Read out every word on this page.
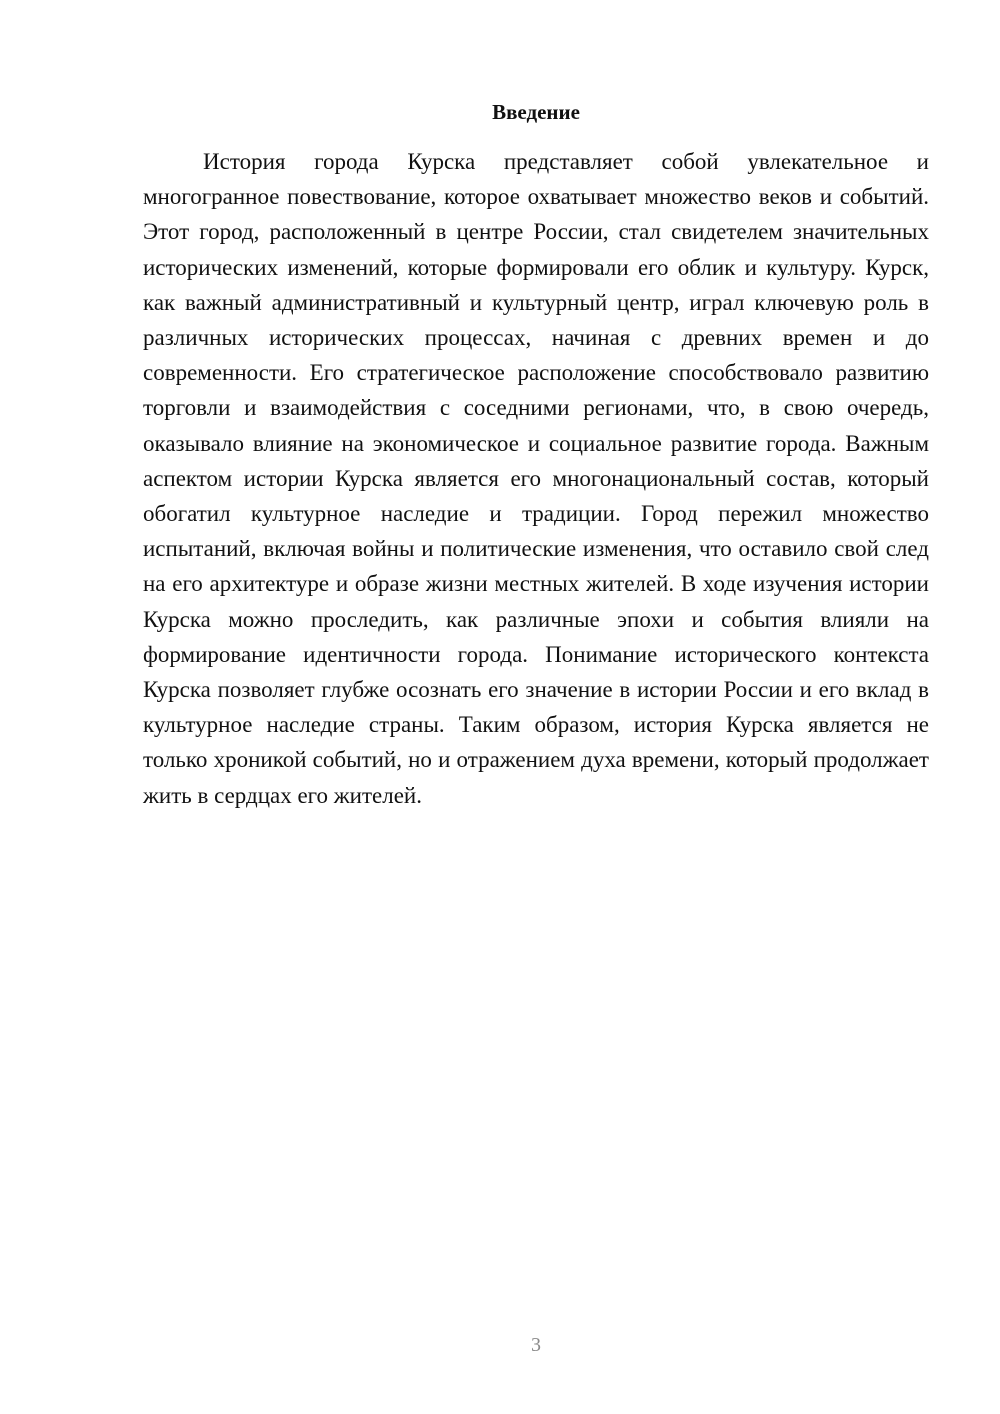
Введение

История города Курска представляет собой увлекательное и многогранное повествование, которое охватывает множество веков и событий. Этот город, расположенный в центре России, стал свидетелем значительных исторических изменений, которые формировали его облик и культуру. Курск, как важный административный и культурный центр, играл ключевую роль в различных исторических процессах, начиная с древних времен и до современности. Его стратегическое расположение способствовало развитию торговли и взаимодействия с соседними регионами, что, в свою очередь, оказывало влияние на экономическое и социальное развитие города. Важным аспектом истории Курска является его многонациональный состав, который обогатил культурное наследие и традиции. Город пережил множество испытаний, включая войны и политические изменения, что оставило свой след на его архитектуре и образе жизни местных жителей. В ходе изучения истории Курска можно проследить, как различные эпохи и события влияли на формирование идентичности города. Понимание исторического контекста Курска позволяет глубже осознать его значение в истории России и его вклад в культурное наследие страны. Таким образом, история Курска является не только хроникой событий, но и отражением духа времени, который продолжает жить в сердцах его жителей.

3
